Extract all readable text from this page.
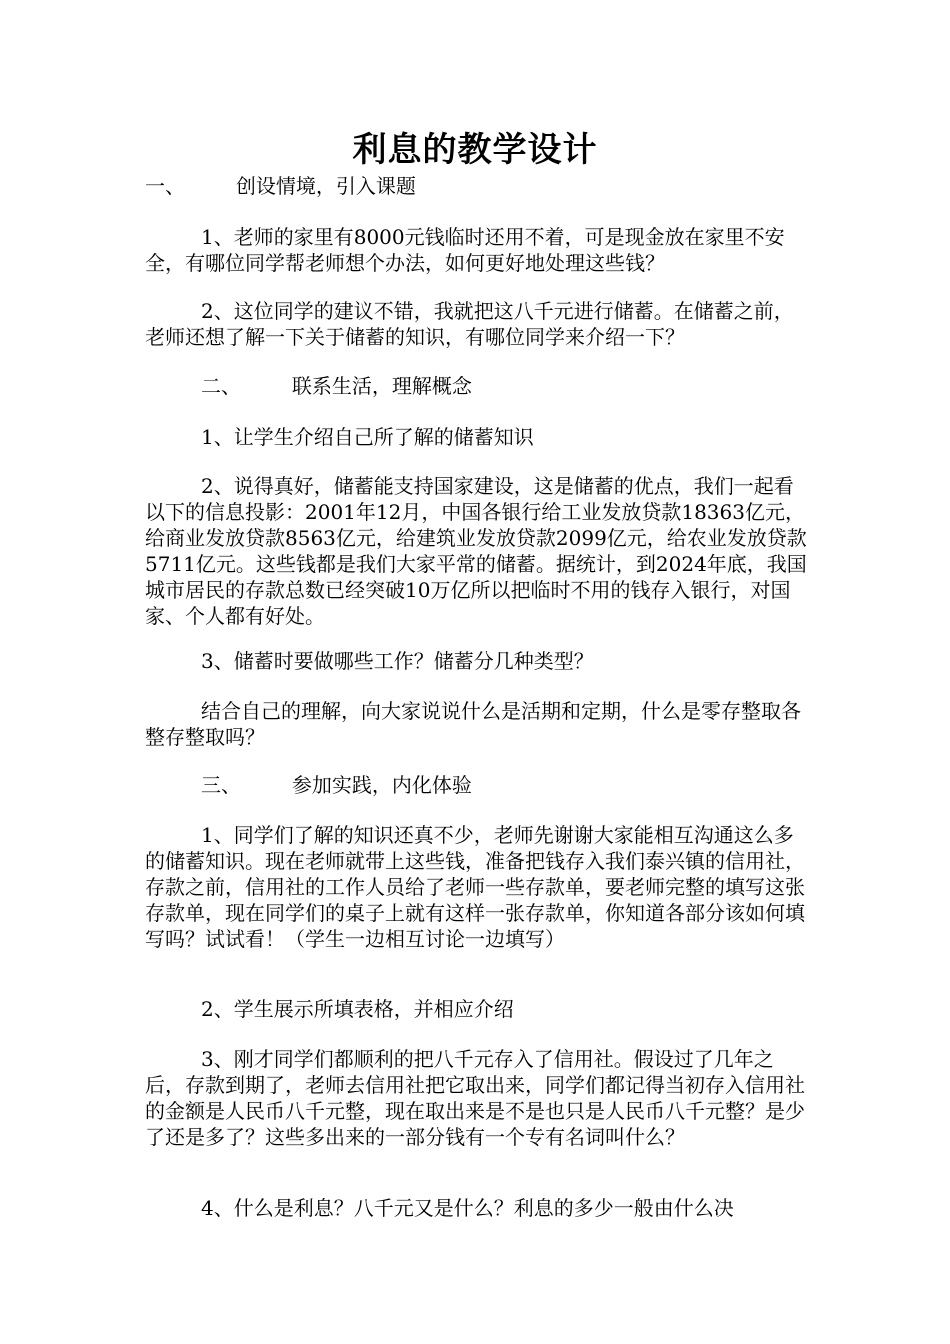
利息的教学设计

一、        创设情境，引入课题

1、老师的家里有8000元钱临时还用不着，可是现金放在家里不安全，有哪位同学帮老师想个办法，如何更好地处理这些钱？

2、这位同学的建议不错，我就把这八千元进行储蓄。在储蓄之前，老师还想了解一下关于储蓄的知识，有哪位同学来介绍一下？

二、        联系生活，理解概念

1、让学生介绍自己所了解的储蓄知识

2、说得真好，储蓄能支持国家建设，这是储蓄的优点，我们一起看以下的信息投影：2001年12月，中国各银行给工业发放贷款18363亿元，给商业发放贷款8563亿元，给建筑业发放贷款2099亿元，给农业发放贷款5711亿元。这些钱都是我们大家平常的储蓄。据统计，到2024年底，我国城市居民的存款总数已经突破10万亿所以把临时不用的钱存入银行，对国家、个人都有好处。

3、储蓄时要做哪些工作？储蓄分几种类型？

结合自己的理解，向大家说说什么是活期和定期，什么是零存整取各整存整取吗？

三、        参加实践，内化体验

1、同学们了解的知识还真不少，老师先谢谢大家能相互沟通这么多的储蓄知识。现在老师就带上这些钱，准备把钱存入我们泰兴镇的信用社，存款之前，信用社的工作人员给了老师一些存款单，要老师完整的填写这张存款单，现在同学们的桌子上就有这样一张存款单，你知道各部分该如何填写吗？试试看！（学生一边相互讨论一边填写）

2、学生展示所填表格，并相应介绍

3、刚才同学们都顺利的把八千元存入了信用社。假设过了几年之后，存款到期了，老师去信用社把它取出来，同学们都记得当初存入信用社的金额是人民币八千元整，现在取出来是不是也只是人民币八千元整？是少了还是多了？这些多出来的一部分钱有一个专有名词叫什么？

4、什么是利息？八千元又是什么？利息的多少一般由什么决
